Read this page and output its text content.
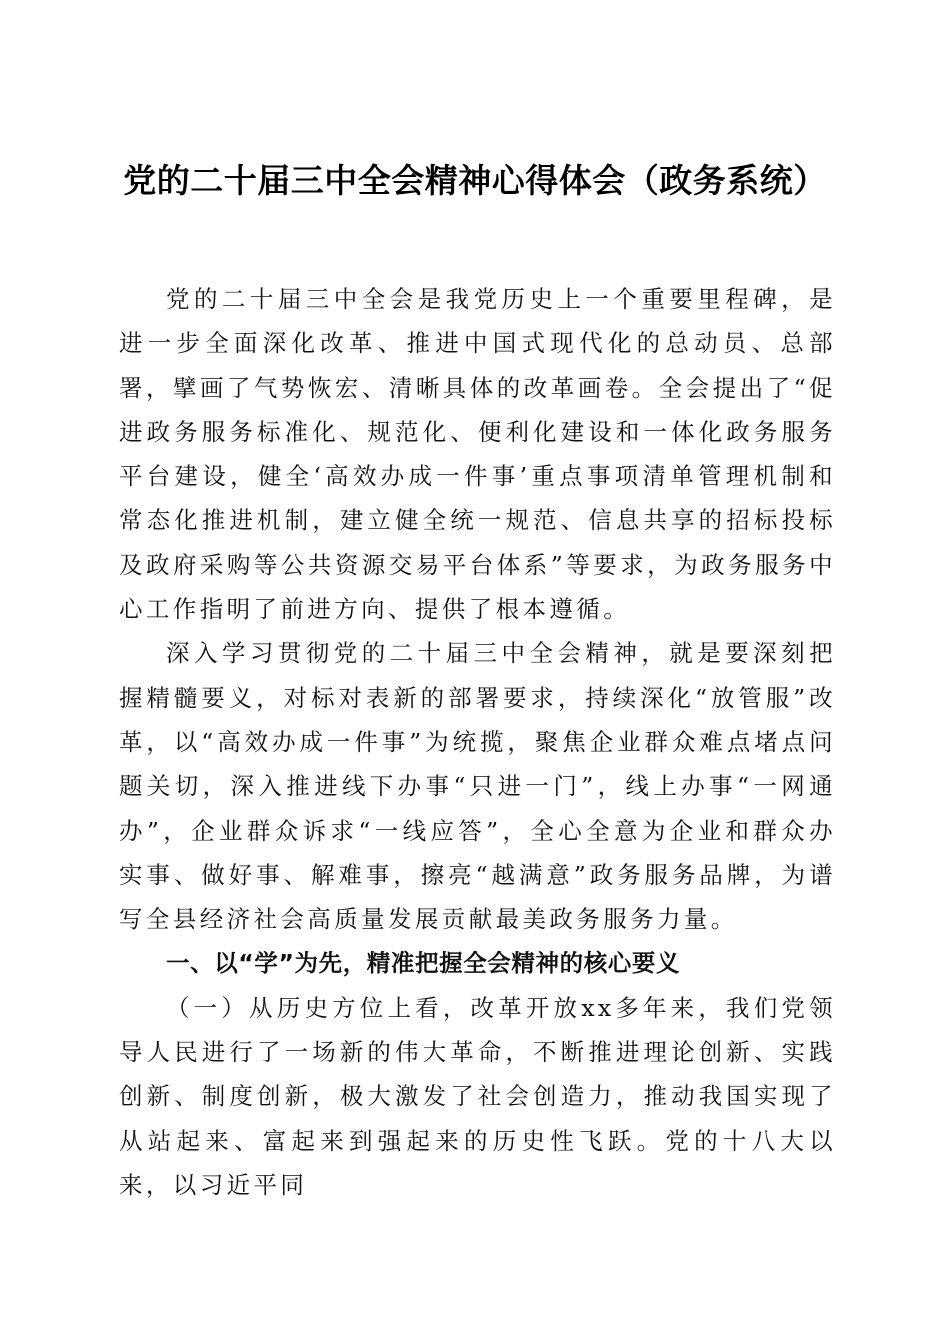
党的二十届三中全会精神心得体会（政务系统）

党的二十届三中全会是我党历史上一个重要里程碑，是进一步全面深化改革、推进中国式现代化的总动员、总部署，擘画了气势恢宏、清晰具体的改革画卷。全会提出了“促进政务服务标准化、规范化、便利化建设和一体化政务服务平台建设，健全‘高效办成一件事’重点事项清单管理机制和常态化推进机制，建立健全统一规范、信息共享的招标投标及政府采购等公共资源交易平台体系”等要求，为政务服务中心工作指明了前进方向、提供了根本遵循。

深入学习贯彻党的二十届三中全会精神，就是要深刻把握精髓要义，对标对表新的部署要求，持续深化“放管服”改革，以“高效办成一件事”为统揽，聚焦企业群众难点堵点问题关切，深入推进线下办事“只进一门”，线上办事“一网通办”，企业群众诉求“一线应答”，全心全意为企业和群众办实事、做好事、解难事，擦亮“越满意”政务服务品牌，为谱写全县经济社会高质量发展贡献最美政务服务力量。

一、以“学”为先，精准把握全会精神的核心要义

（一）从历史方位上看，改革开放xx多年来，我们党领导人民进行了一场新的伟大革命，不断推进理论创新、实践创新、制度创新，极大激发了社会创造力，推动我国实现了从站起来、富起来到强起来的历史性飞跃。党的十八大以来，以习近平同
